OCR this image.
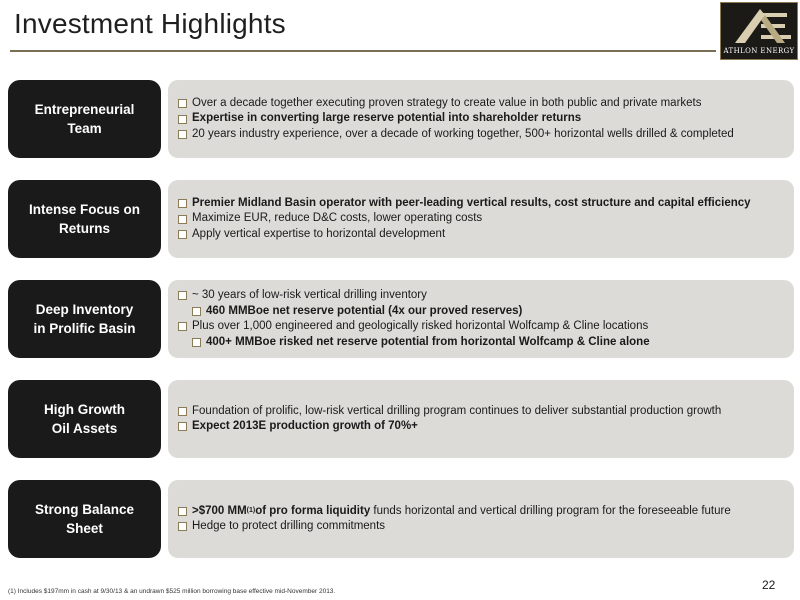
Investment Highlights
ATHLON ENERGY
Entrepreneurial
Team
Over a decade together executing proven strategy to create value in both public and private markets
Expertise in converting large reserve potential into shareholder returns
20 years industry experience, over a decade of working together, 500+ horizontal wells drilled & completed
Intense Focus on
Returns
Premier Midland Basin operator with peer-leading vertical results, cost structure and capital efficiency
Maximize EUR, reduce D&C costs, lower operating costs
Apply vertical expertise to horizontal development
Deep Inventory
in Prolific Basin
~ 30 years of low-risk vertical drilling inventory
460 MMBoe net reserve potential (4x our proved reserves)
Plus over 1,000 engineered and geologically risked horizontal Wolfcamp & Cline locations
400+ MMBoe risked net reserve potential from horizontal Wolfcamp & Cline alone
High Growth
Oil Assets
Foundation of prolific, low-risk vertical drilling program continues to deliver substantial production growth
Expect 2013E production growth of 70%+
Strong Balance
Sheet
>$700 MM (1) of pro forma liquidity funds horizontal and vertical drilling program for the foreseeable future
Hedge to protect drilling commitments
(1) Includes $197mm in cash at 9/30/13 & an undrawn $525 million borrowing base effective mid-November 2013.	22
